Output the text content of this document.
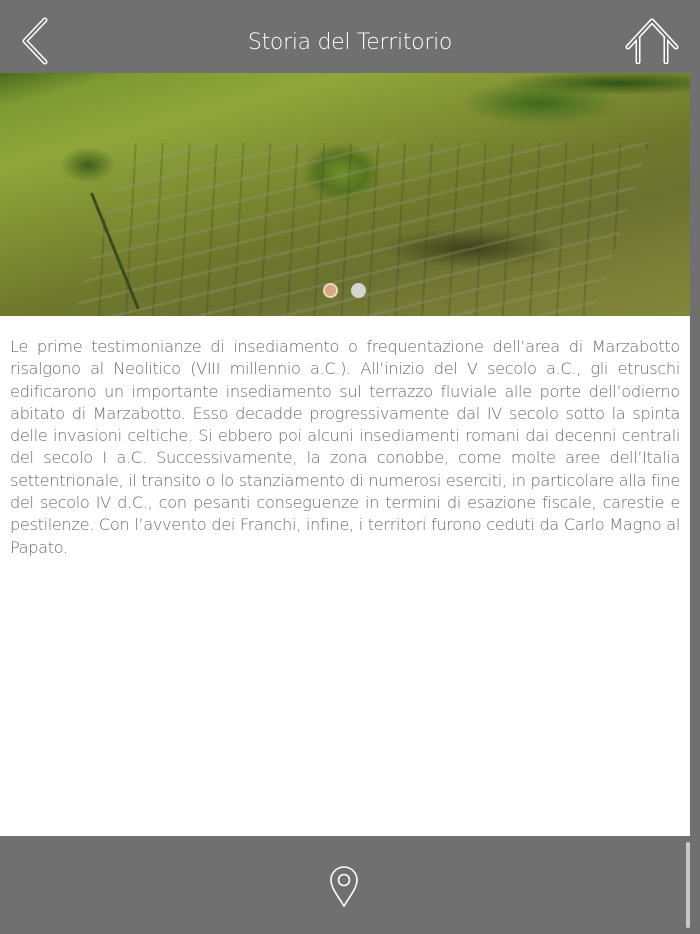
Storia del Territorio
Le prime testimonianze di insediamento o frequentazione dell’area di Marzabotto risalgono al Neolitico (VIII millennio a.C.). All’inizio del V secolo a.C., gli etruschi edificarono un importante insediamento sul terrazzo fluviale alle porte dell’odierno abitato di Marzabotto. Esso decadde progressivamente dal IV secolo sotto la spinta delle invasioni celtiche. Si ebbero poi alcuni insediamenti romani dai decenni centrali del secolo I a.C. Successivamente, la zona conobbe, come molte aree dell’Italia settentrionale, il transito o lo stanziamento di numerosi eserciti, in particolare alla fine del secolo IV d.C., con pesanti conseguenze in termini di esazione fiscale, carestie e pestilenze. Con l’avvento dei Franchi, infine, i territori furono ceduti da Carlo Magno al Papato.
